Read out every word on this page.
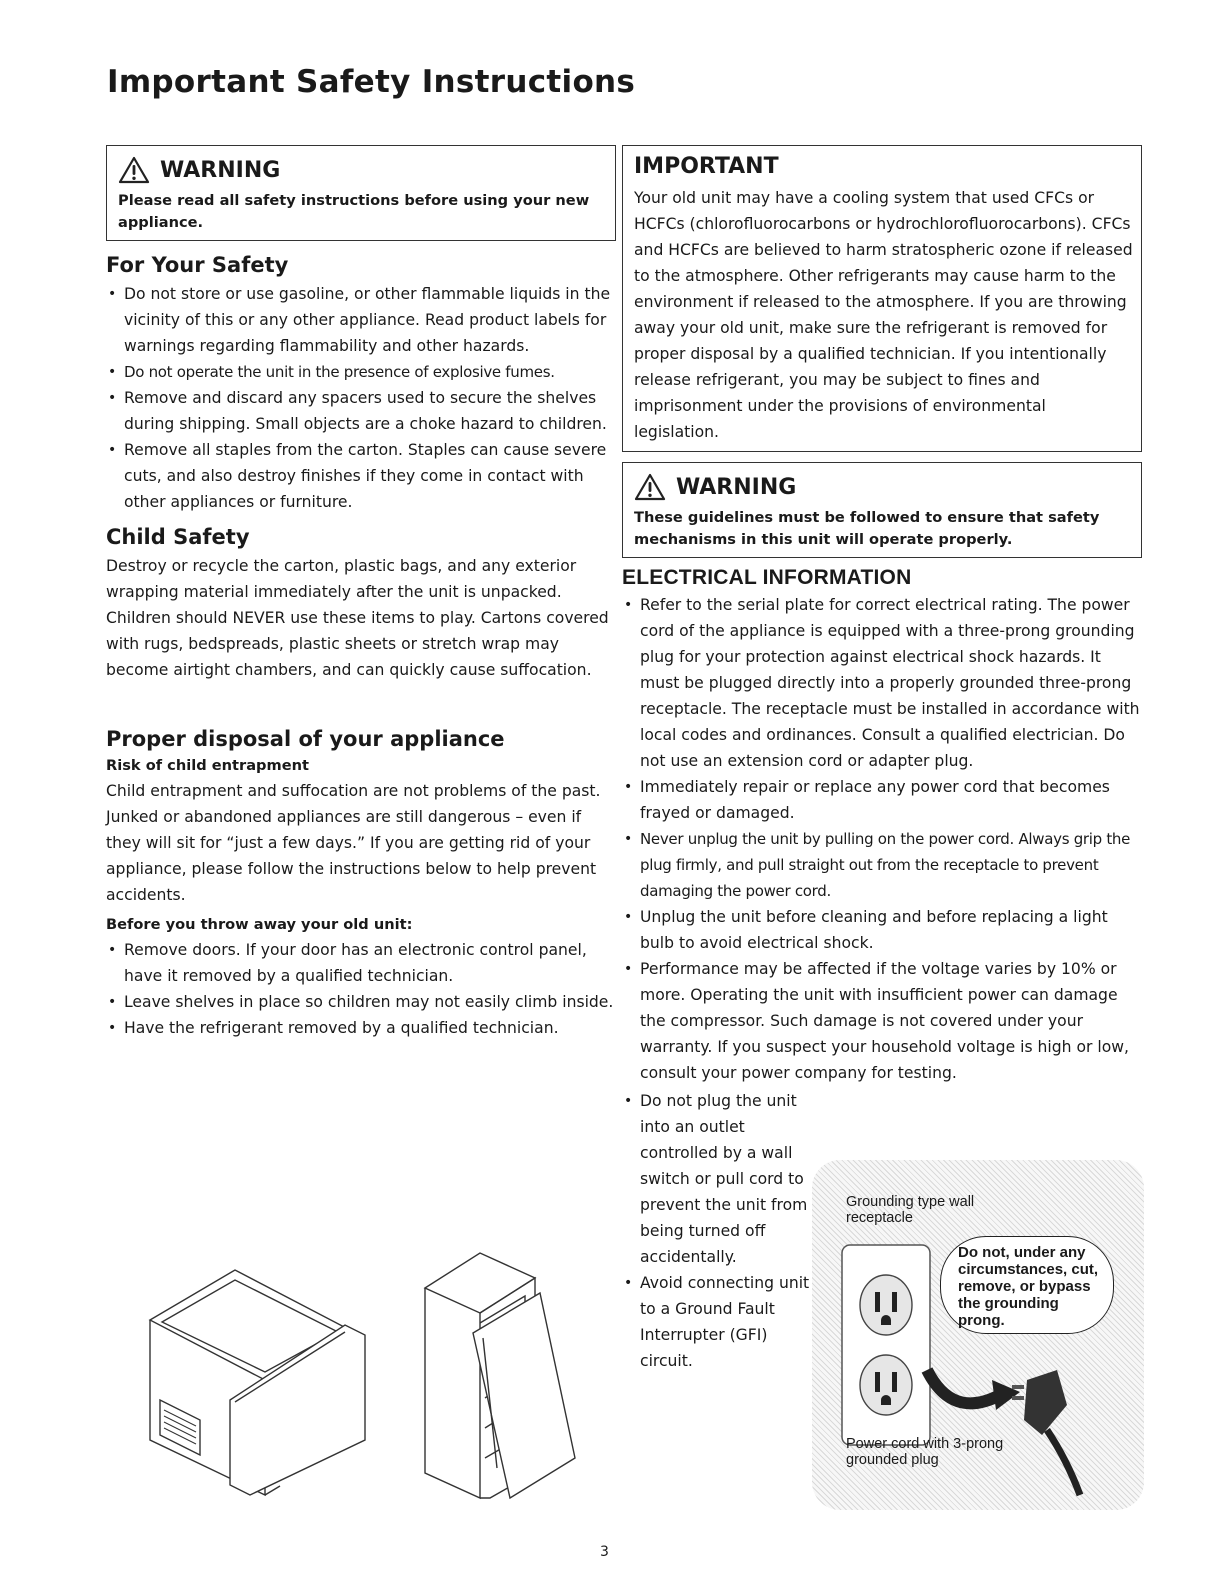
Important Safety Instructions

WARNING

Please read all safety instructions before using your new appliance.

For Your Safety
• Do not store or use gasoline, or other flammable liquids in the vicinity of this or any other appliance. Read product labels for warnings regarding flammability and other hazards.
• Do not operate the unit in the presence of explosive fumes.
• Remove and discard any spacers used to secure the shelves during shipping. Small objects are a choke hazard to children.
• Remove all staples from the carton. Staples can cause severe cuts, and also destroy finishes if they come in contact with other appliances or furniture.
Child Safety

Destroy or recycle the carton, plastic bags, and any exterior wrapping material immediately after the unit is unpacked. Children should NEVER use these items to play. Cartons covered with rugs, bedspreads, plastic sheets or stretch wrap may become airtight chambers, and can quickly cause suffocation.

Proper disposal of your appliance
Risk of child entrapment

Child entrapment and suffocation are not problems of the past. Junked or abandoned appliances are still dangerous – even if they will sit for “just a few days.” If you are getting rid of your appliance, please follow the instructions below to help prevent accidents.

Before you throw away your old unit:
• Remove doors. If your door has an electronic control panel, have it removed by a qualified technician.
• Leave shelves in place so children may not easily climb inside.
• Have the refrigerant removed by a qualified technician.

IMPORTANT

Your old unit may have a cooling system that used CFCs or HCFCs (chlorofluorocarbons or hydrochlorofluorocarbons). CFCs and HCFCs are believed to harm stratospheric ozone if released to the atmosphere. Other refrigerants may cause harm to the environment if released to the atmosphere. If you are throwing away your old unit, make sure the refrigerant is removed for proper disposal by a qualified technician. If you intentionally release refrigerant, you may be subject to fines and imprisonment under the provisions of environmental legislation.

WARNING

These guidelines must be followed to ensure that safety mechanisms in this unit will operate properly.

ELECTRICAL INFORMATION

• Refer to the serial plate for correct electrical rating. The power cord of the appliance is equipped with a three-prong grounding plug for your protection against electrical shock hazards. It must be plugged directly into a properly grounded three-prong receptacle. The receptacle must be installed in accordance with local codes and ordinances. Consult a qualified electrician. Do not use an extension cord or adapter plug.
• Immediately repair or replace any power cord that becomes frayed or damaged.
• Never unplug the unit by pulling on the power cord. Always grip the plug firmly, and pull straight out from the receptacle to prevent damaging the power cord.
• Unplug the unit before cleaning and before replacing a light bulb to avoid electrical shock.
• Performance may be affected if the voltage varies by 10% or more. Operating the unit with insufficient power can damage the compressor. Such damage is not covered under your warranty. If you suspect your household voltage is high or low, consult your power company for testing.
• Do not plug the unit into an outlet controlled by a wall switch or pull cord to prevent the unit from being turned off accidentally.
• Avoid connecting unit to a Ground Fault Interrupter (GFI) circuit.
Grounding type wall receptacle
Do not, under any circumstances, cut, remove, or bypass the grounding prong.
Power cord with 3-prong grounded plug

3
